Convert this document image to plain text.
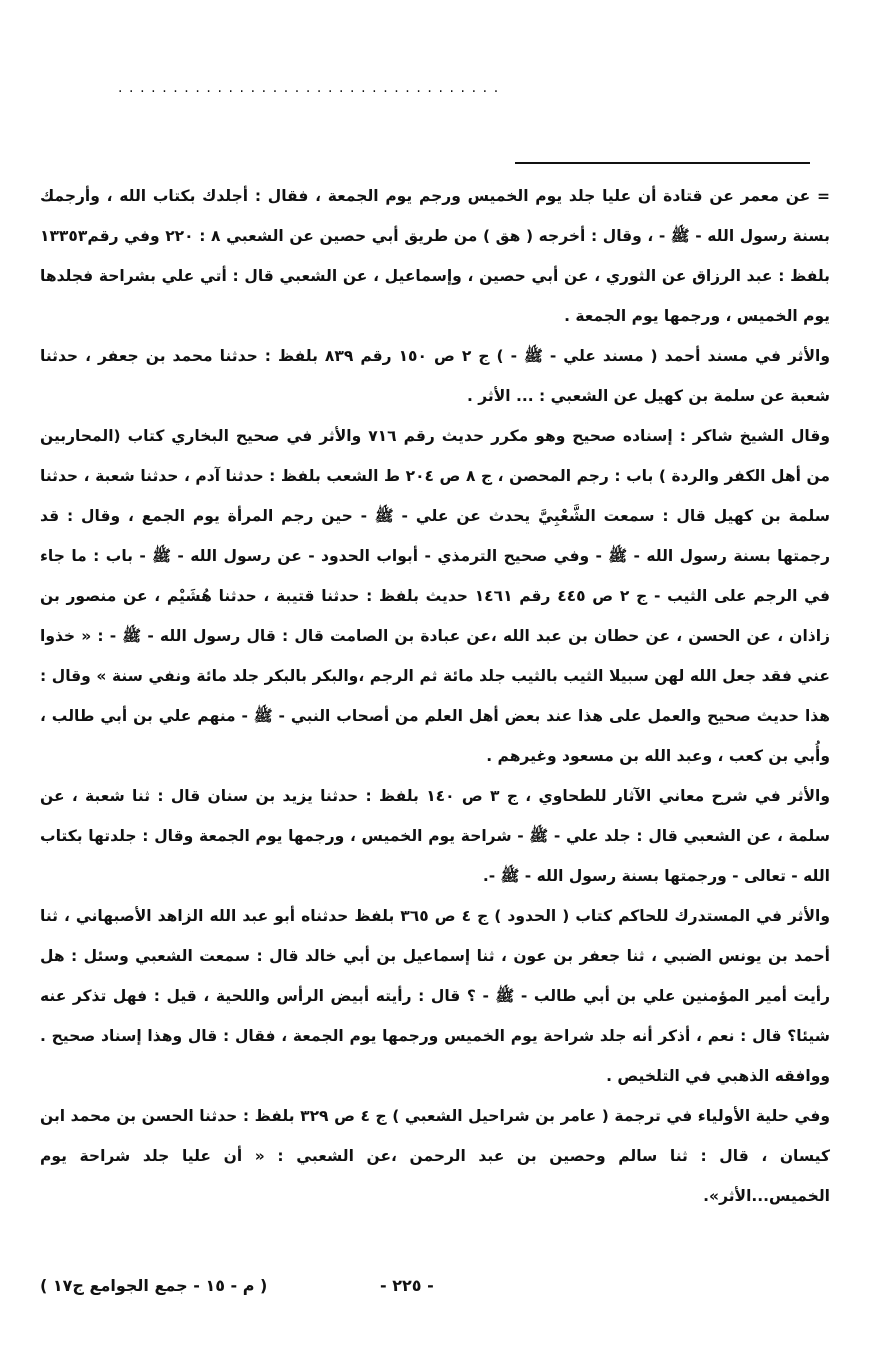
...................................

= عن معمر عن قتادة أن عليا جلد يوم الخميس ورجم يوم الجمعة ، فقال : أجلدك بكتاب الله ، وأرجمك بسنة رسول الله - ﷺ - ، وقال : أخرجه ( هق ) من طريق أبي حصين عن الشعبي ٨ : ٢٢٠ وفي رقم١٣٣٥٣ بلفظ : عبد الرزاق عن الثوري ، عن أبي حصين ، وإسماعيل ، عن الشعبي قال : أتي علي بشراحة فجلدها يوم الخميس ، ورجمها يوم الجمعة .

والأثر في مسند أحمد ( مسند علي - ﷺ - ) ج ٢ ص ١٥٠ رقم ٨٣٩ بلفظ : حدثنا محمد بن جعفر ، حدثنا شعبة عن سلمة بن كهيل عن الشعبي : ... الأثر .

وقال الشيخ شاكر : إسناده صحيح وهو مكرر حديث رقم ٧١٦ والأثر في صحيح البخاري كتاب (المحاربين من أهل الكفر والردة ) باب : رجم المحصن ، ج ٨ ص ٢٠٤ ط الشعب بلفظ : حدثنا آدم ، حدثنا شعبة ، حدثنا سلمة بن كهيل قال : سمعت الشَّعْبِيَّ يحدث عن علي - ﷺ - حين رجم المرأة يوم الجمع ، وقال : قد رجمتها بسنة رسول الله - ﷺ - وفي صحيح الترمذي - أبواب الحدود - عن رسول الله - ﷺ - باب : ما جاء في الرجم على الثيب - ج ٢ ص ٤٤٥ رقم ١٤٦١ حديث بلفظ : حدثنا قتيبة ، حدثنا هُشَيْم ، عن منصور بن زاذان ، عن الحسن ، عن حطان بن عبد الله ،عن عبادة بن الصامت قال : قال رسول الله - ﷺ - : « خذوا عني فقد جعل الله لهن سبيلا الثيب بالثيب جلد مائة ثم الرجم ،والبكر بالبكر جلد مائة ونفي سنة » وقال : هذا حديث صحيح والعمل على هذا عند بعض أهل العلم من أصحاب النبي - ﷺ - منهم علي بن أبي طالب ، وأُبي بن كعب ، وعبد الله بن مسعود وغيرهم .

والأثر في شرح معاني الآثار للطحاوي ، ج ٣ ص ١٤٠ بلفظ : حدثنا يزيد بن سنان قال : ثنا شعبة ، عن سلمة ، عن الشعبي قال : جلد علي - ﷺ - شراحة يوم الخميس ، ورجمها يوم الجمعة وقال : جلدتها بكتاب الله - تعالى - ورجمتها بسنة رسول الله - ﷺ -.

والأثر في المستدرك للحاكم كتاب ( الحدود ) ج ٤ ص ٣٦٥ بلفظ حدثناه أبو عبد الله الزاهد الأصبهاني ، ثنا أحمد بن يونس الضبي ، ثنا جعفر بن عون ، ثنا إسماعيل بن أبي خالد قال : سمعت الشعبي وسئل : هل رأيت أمير المؤمنين علي بن أبي طالب - ﷺ - ؟ قال : رأيته أبيض الرأس واللحية ، قيل : فهل تذكر عنه شيئا؟ قال : نعم ، أذكر أنه جلد شراحة يوم الخميس ورجمها يوم الجمعة ، فقال : قال وهذا إسناد صحيح . ووافقه الذهبي في التلخيص .

وفي حلية الأولياء في ترجمة ( عامر بن شراحيل الشعبي ) ج ٤ ص ٣٢٩ بلفظ : حدثنا الحسن بن محمد ابن كيسان ، قال : ثنا سالم وحصين بن عبد الرحمن ،عن الشعبي : « أن عليا جلد شراحة يوم الخميس...الأثر».

( م - ١٥ - جمع الجوامع ج١٧ )	- ٢٢٥ -
